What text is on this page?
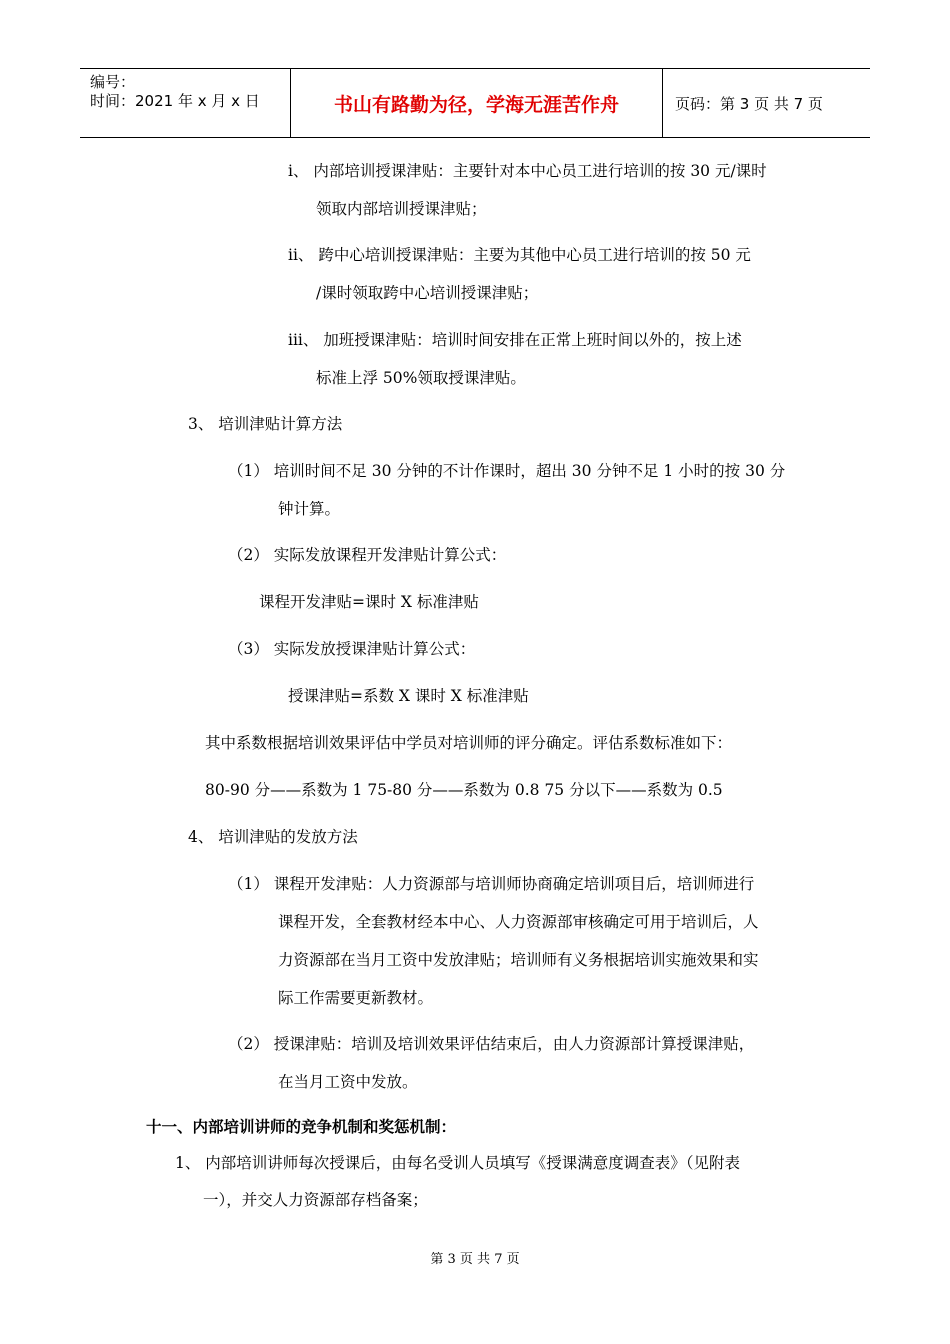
编号：
时间：2021 年 x 月 x 日	书山有路勤为径，学海无涯苦作舟	页码：第 3 页 共 7 页
i、 内部培训授课津贴：主要针对本中心员工进行培训的按 30 元/课时
领取内部培训授课津贴；
ii、 跨中心培训授课津贴：主要为其他中心员工进行培训的按 50 元
/课时领取跨中心培训授课津贴；
iii、 加班授课津贴：培训时间安排在正常上班时间以外的，按上述
标准上浮 50%领取授课津贴。
3、 培训津贴计算方法
（1） 培训时间不足 30 分钟的不计作课时，超出 30 分钟不足 1 小时的按 30 分
钟计算。
（2） 实际发放课程开发津贴计算公式：
课程开发津贴=课时 X 标准津贴
（3） 实际发放授课津贴计算公式：
授课津贴=系数 X 课时 X 标准津贴
其中系数根据培训效果评估中学员对培训师的评分确定。评估系数标准如下：
80-90 分——系数为 1 75-80 分——系数为 0.8 75 分以下——系数为 0.5
4、 培训津贴的发放方法
（1） 课程开发津贴：人力资源部与培训师协商确定培训项目后，培训师进行
课程开发，全套教材经本中心、人力资源部审核确定可用于培训后，人
力资源部在当月工资中发放津贴；培训师有义务根据培训实施效果和实
际工作需要更新教材。
（2） 授课津贴：培训及培训效果评估结束后，由人力资源部计算授课津贴，
在当月工资中发放。
十一、内部培训讲师的竞争机制和奖惩机制：
1、 内部培训讲师每次授课后，由每名受训人员填写《授课满意度调查表》（见附表
一），并交人力资源部存档备案；
第 3 页 共 7 页
